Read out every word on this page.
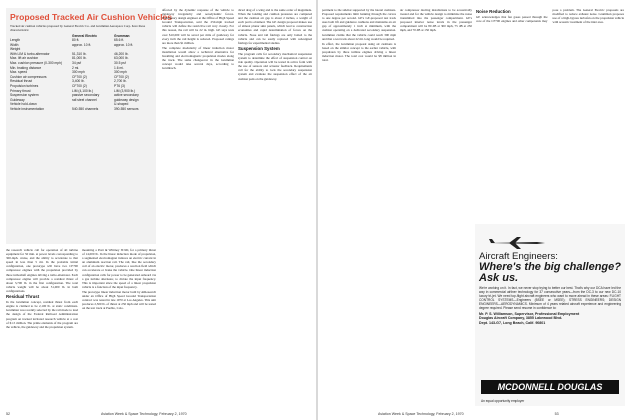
Proposed Tracked Air Cushion Vehicles
Tracked air cushion vehicles proposed by General Electric Co. and Grumman Aerospace Corp. have these characteristics:
	General Electric	Grumman
Length	80 ft.	65.6 ft.
Width	approx. 10 ft.	approx. 10 ft.
Weight		
With LIM & turbo-alternator	51,310 lb.	46,200 lb.
Max. lift air cushion	81,000 lb.	63,000 lb.
Max. cushion pressure (0-300 mph)	34 psf	30.5 psf
Min. braking distance	2 mi.	1.6 mi.
Max. speed	300 mph	300 mph
Cushion air compressors	CF700 (2)	CF700 (2)
Residual thrust	3,400 lb.	2,700 lb.
Propulsion turbines	CF700 (2)	PT6 (3)
Primary thrust	LIM (4,100 lb.)	LIM (3,900 lb.)
Suspension system	passive secondary	active secondary
Guideway	rail steel channel	guideway design
Vehicle hold-down		U-shaped
Vehicle instrumentation	540-550 channels	390-550 sensors

the research vehicle call for operation of all turbine equipment for 50 min. at power levels corresponding to 300-mph. cruise, and the ability to accelerate to that speed in less than 5 mi. In the probable initial configuration, one prototype will have two CF700 compressor engines with the propulsion provided by three turboshaft engines driving a turbo-alternator. Each compressor engine will provide a residual thrust of about 3,700 lb. in the first configuration. The total vehicle weight will be about 51,000 lb. in both configurations.

Residual Thrust

In the Grumman concept, residual thrust from each engine is claimed to be 2,100 lb. at static conditions. Grumman was recently selected by the rail mode to lead the design of the Federal Railroad Administration program on tracked levitated research vehicle at a cost of $1.5 million. The prime elements of the program are the vehicle, the guideway and the propulsion system.

mounting a Pratt & Whitney IT-9D, for a primary thrust of 14,000 lb. In the linear induction mode of propulsion, a segmented electromagnet induces an electric current in an aluminum reaction rail. The rail, like the secondary coil of an electric motor, produces a reaction field which can accelerate or brake the vehicle. One linear induction configuration calls for power to be generated onboard via a gas turbine alternator, to dictate the input frequency. This is important since the speed of a linear propulsion vehicle is a function of the input frequency.

The prototype linear induction motor built by AiResearch under an Office of High Speed Ground Transportation contract was tested in late 1970 at Los Angeles. This unit produces 2,500 lb. of thrust at 250 mph and will be tested on the test track at Pueblo, Colo.

affected by the dynamic response of the vehicle to guideway irregularity and aerodynamic forces. Preliminary design engineer at the Office of High Speed Ground Transportation, said the 250-mph tracked vehicle will define the restrictive rail very closely. For this reason, the rail will be 22 in. high. GE says tests over $10,000 will be saved per mile of guideway for every inch the rail height is reduced. Proposed ratings are more than $1 million.

The complete modularity of linear induction motor installation would allow a technical alternative for breathing and electromagnetic propulsion modes along the track. The same changeover in the Grumman concept would take several days, according to Grumbach.

diced drag of a wing and is the same order of magnitude. When the landing and cushion pressures are computed and the cushion air gap is about 2 inches, a weight of each pad is obtained. The GE design proposal makes use of almost planar skin panels, which lead to construction economies and rapid determination of forces on the vehicle. Nose and tail fairings are only bolted to the vehicle and can be easily replaced with redesigned fairings for experimental studies.

Suspension System

The program calls for secondary mechanical suspension system to determine the effect of suspension control on ride quality. Operation will be tested in active form with the use of sensors and actuator feedback. Requirements call for the ability to lock the secondary suspension system and evaluate the suspension effect of the air cushion pads on the guideway.

52	Aviation Week & Space Technology, February 2, 1970

pertinent to the sidebar supported by the lateral cushions. Proposed requirements limit banking through the curves to one degree per second. GE's GE-proposed test track uses both lift and guidance cushions and maintains an air gap of approximately 1 inch at minimum, with the cushion operating on a dedicated secondary suspension. Grumman claims that the vehicle could reach 300 mph and that a test track about 22 mi. long would be required.

In effect, the Grumman proposal using air cushions is based on the similar concept to the earlier vehicle, with propulsion by three turbine engines driving a linear induction motor. The total cost would be $8 million in total.

air compressor ducting installations to be acoustically treated and for the vehicle design to minimize the noise transmitted into the passenger compartment. GE's proposed interior noise levels in the passenger compartment will be 80 dB at 300 mph, 75 dB at 250 mph, and 70 dB at 150 mph.

Noise Reduction

GE acknowledges that fan gases passed through the core of the CF700 engines and other components may pose a problem. The General Electric proposals are modified to reduce exhaust noise. Grumman proposes use of a high-bypass turbofan on the propulsion vehicle with acoustic treatment of the inlet area.

Aviation Week & Space Technology, February 2, 1970	53
Aircraft Engineers:
Where's the big challenge? Ask us.
We're working on it. In fact, we never stop trying to better our best. That's why our DCA have led the way in commercial airliner technology for 37 consecutive years—from the DC-3 to our new DC-10 luxury tri-jet. We need top-flight aircraft engineers who want to move ahead in these areas: FLIGHT CONTROL SYSTEMS—Engineers (BSEE or MSEE); STRESS ENGINEERS; DESIGN ENGINEERS—AERODYNAMICS. Minimum of 4 years related aircraft experience and engineering degree required. Please send resume in confidence to:
Mr. P. S. Williamson, Supervisor, Professional Employment
Douglas Aircraft Company, 3855 Lakewood Blvd.
Dept. 143-G7, Long Beach, Calif. 90801
MCDONNELL DOUGLAS
An equal opportunity employer
